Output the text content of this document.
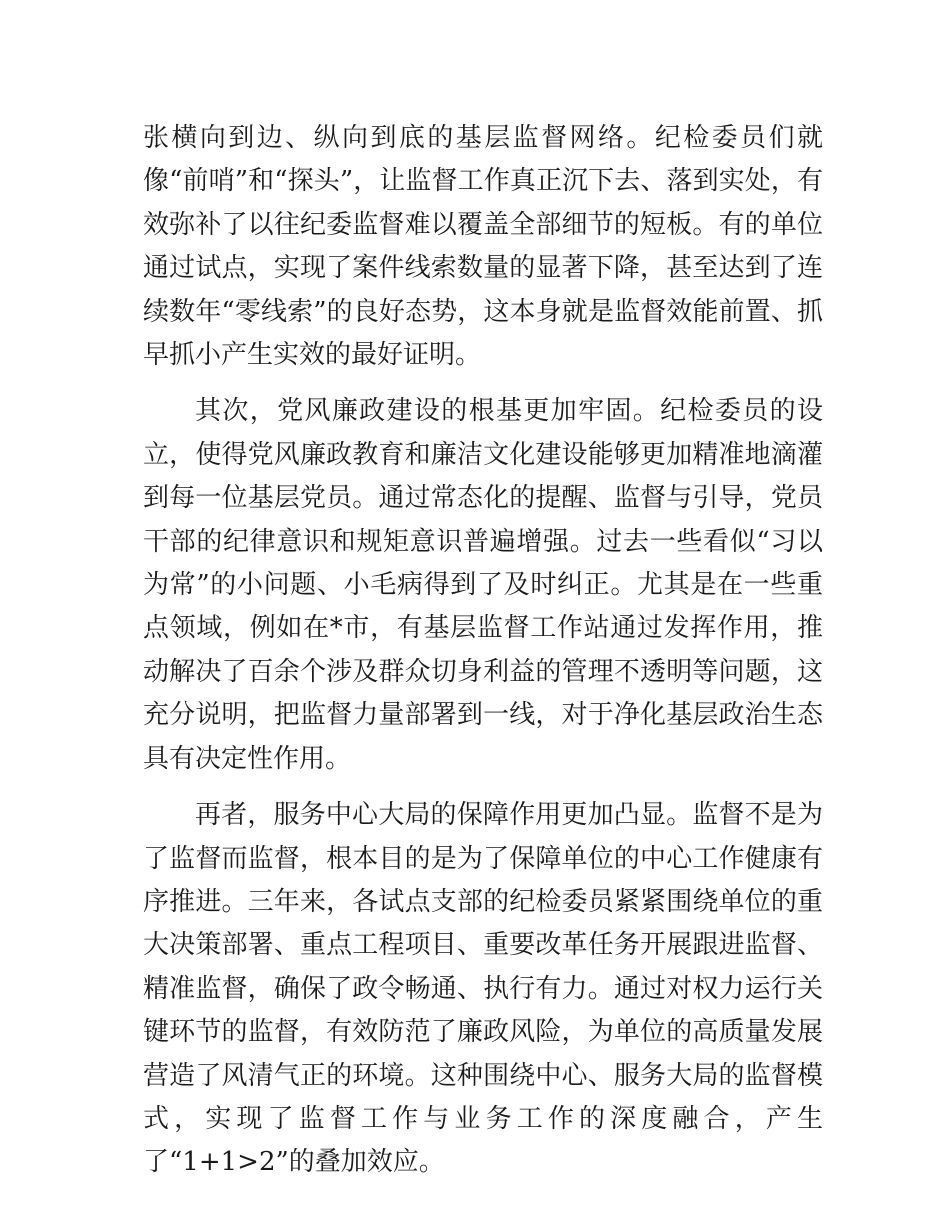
张横向到边、纵向到底的基层监督网络。纪检委员们就像“前哨”和“探头”，让监督工作真正沉下去、落到实处，有效弥补了以往纪委监督难以覆盖全部细节的短板。有的单位通过试点，实现了案件线索数量的显著下降，甚至达到了连续数年“零线索”的良好态势，这本身就是监督效能前置、抓早抓小产生实效的最好证明。

其次，党风廉政建设的根基更加牢固。纪检委员的设立，使得党风廉政教育和廉洁文化建设能够更加精准地滴灌到每一位基层党员。通过常态化的提醒、监督与引导，党员干部的纪律意识和规矩意识普遍增强。过去一些看似“习以为常”的小问题、小毛病得到了及时纠正。尤其是在一些重点领域，例如在*市，有基层监督工作站通过发挥作用，推动解决了百余个涉及群众切身利益的管理不透明等问题，这充分说明，把监督力量部署到一线，对于净化基层政治生态具有决定性作用。

再者，服务中心大局的保障作用更加凸显。监督不是为了监督而监督，根本目的是为了保障单位的中心工作健康有序推进。三年来，各试点支部的纪检委员紧紧围绕单位的重大决策部署、重点工程项目、重要改革任务开展跟进监督、精准监督，确保了政令畅通、执行有力。通过对权力运行关键环节的监督，有效防范了廉政风险，为单位的高质量发展营造了风清气正的环境。这种围绕中心、服务大局的监督模式，实现了监督工作与业务工作的深度融合，产生了“1+1>2”的叠加效应。
